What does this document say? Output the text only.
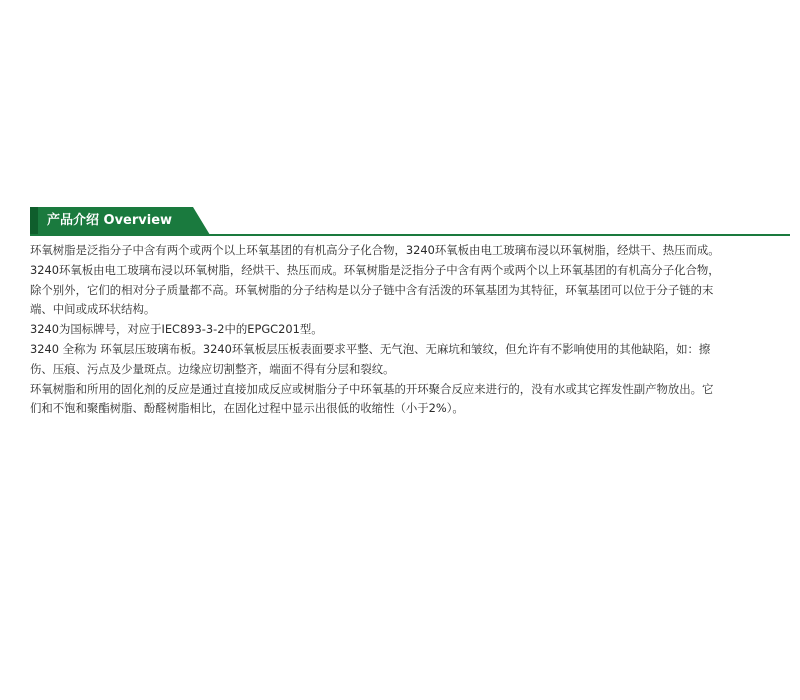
产品介绍 Overview

环氧树脂是泛指分子中含有两个或两个以上环氧基团的有机高分子化合物，3240环氧板由电工玻璃布浸以环氧树脂，经烘干、热压而成。

3240环氧板由电工玻璃布浸以环氧树脂，经烘干、热压而成。环氧树脂是泛指分子中含有两个或两个以上环氧基团的有机高分子化合物，除个别外，它们的相对分子质量都不高。环氧树脂的分子结构是以分子链中含有活泼的环氧基团为其特征，环氧基团可以位于分子链的末端、中间或成环状结构。

3240为国标牌号，对应于IEC893-3-2中的EPGC201型。

3240 全称为 环氧层压玻璃布板。3240环氧板层压板表面要求平整、无气泡、无麻坑和皱纹，但允许有不影响使用的其他缺陷，如：擦伤、压痕、污点及少量斑点。边缘应切割整齐，端面不得有分层和裂纹。

环氧树脂和所用的固化剂的反应是通过直接加成反应或树脂分子中环氧基的开环聚合反应来进行的，没有水或其它挥发性副产物放出。它们和不饱和聚酯树脂、酚醛树脂相比，在固化过程中显示出很低的收缩性（小于2%）。
